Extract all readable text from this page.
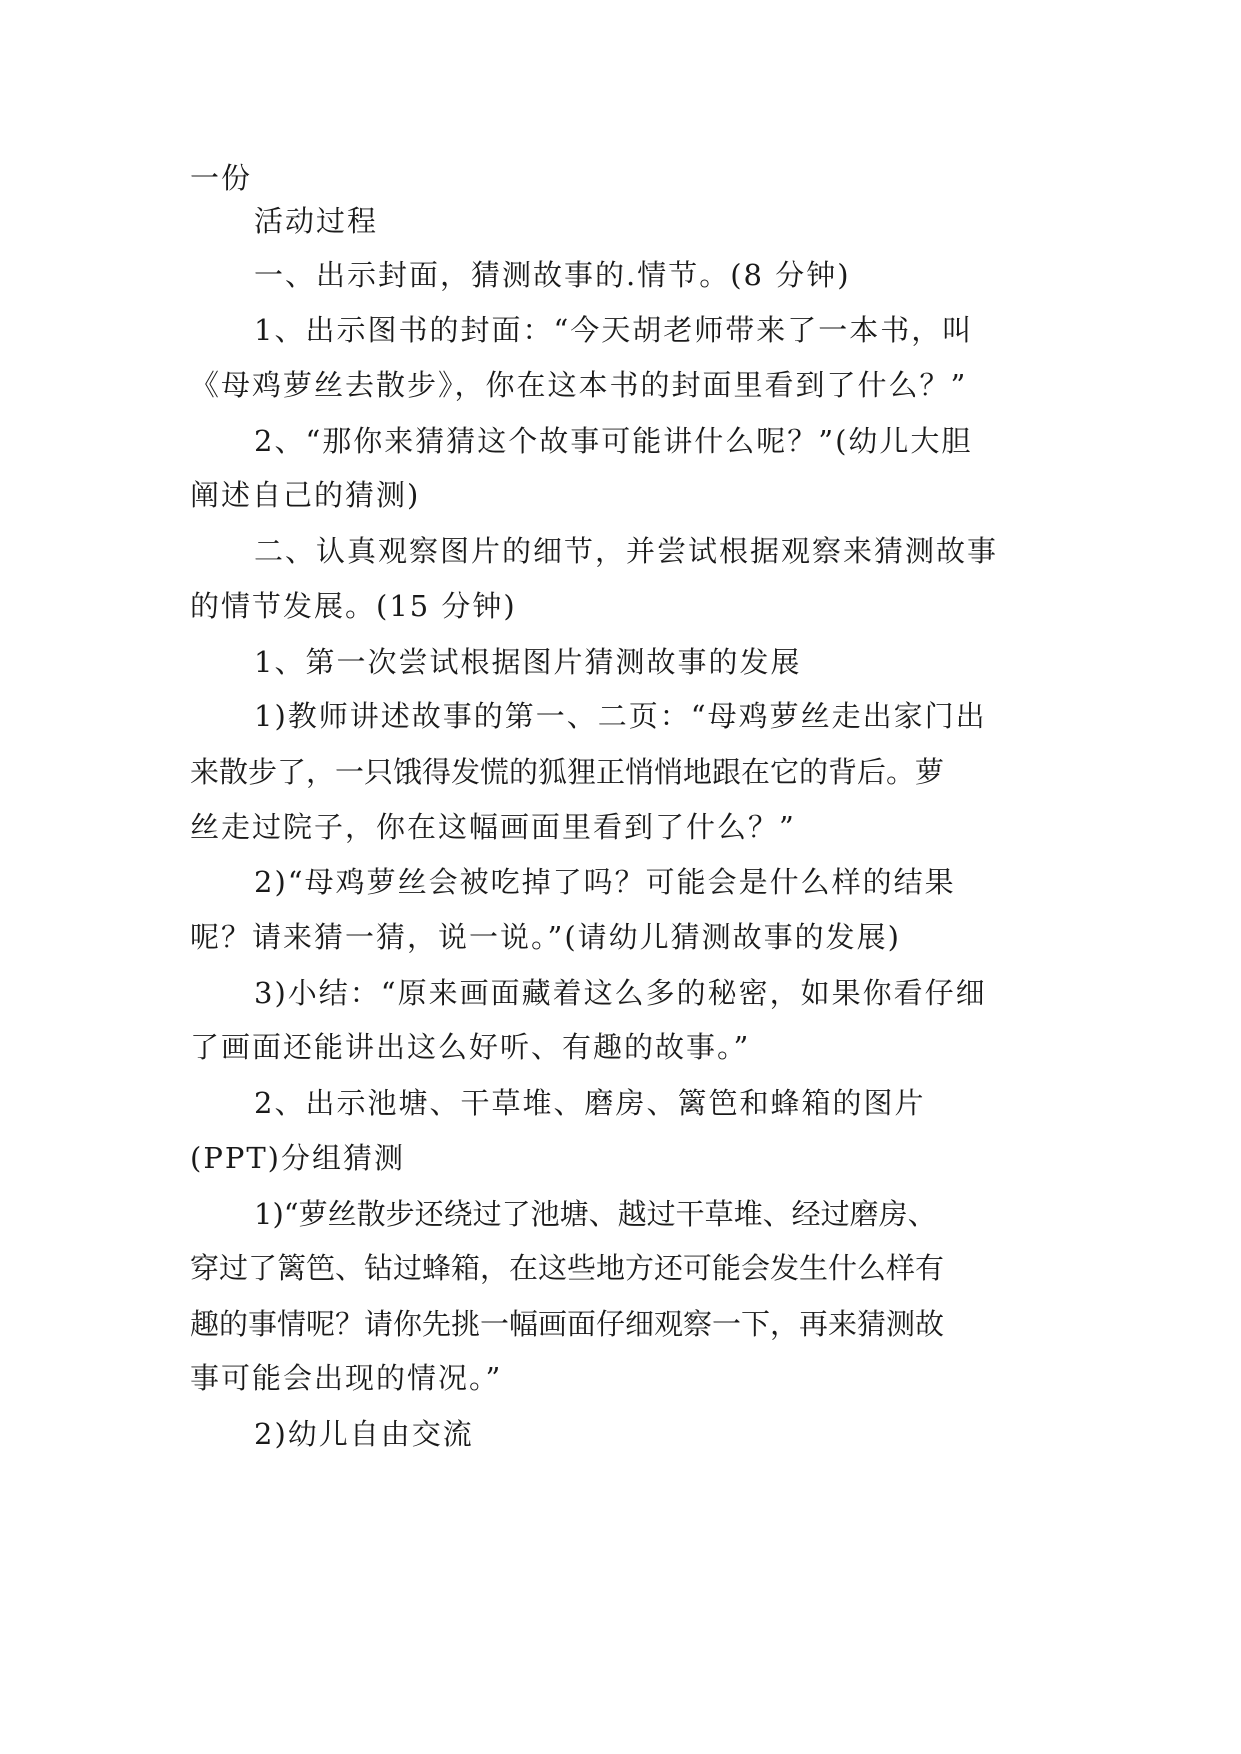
一份
活动过程
一、出示封面，猜测故事的.情节。(8 分钟)
1、出示图书的封面：“今天胡老师带来了一本书，叫
《母鸡萝丝去散步》，你在这本书的封面里看到了什么？”
2、“那你来猜猜这个故事可能讲什么呢？”(幼儿大胆
阐述自己的猜测)
二、认真观察图片的细节，并尝试根据观察来猜测故事
的情节发展。(15 分钟)
1、第一次尝试根据图片猜测故事的发展
1)教师讲述故事的第一、二页：“母鸡萝丝走出家门出
来散步了，一只饿得发慌的狐狸正悄悄地跟在它的背后。萝
丝走过院子，你在这幅画面里看到了什么？”
2)“母鸡萝丝会被吃掉了吗？可能会是什么样的结果
呢？请来猜一猜，说一说。”(请幼儿猜测故事的发展)
3)小结：“原来画面藏着这么多的秘密，如果你看仔细
了画面还能讲出这么好听、有趣的故事。”
2、出示池塘、干草堆、磨房、篱笆和蜂箱的图片
(PPT)分组猜测
1)“萝丝散步还绕过了池塘、越过干草堆、经过磨房、
穿过了篱笆、钻过蜂箱，在这些地方还可能会发生什么样有
趣的事情呢？请你先挑一幅画面仔细观察一下，再来猜测故
事可能会出现的情况。”
2)幼儿自由交流
